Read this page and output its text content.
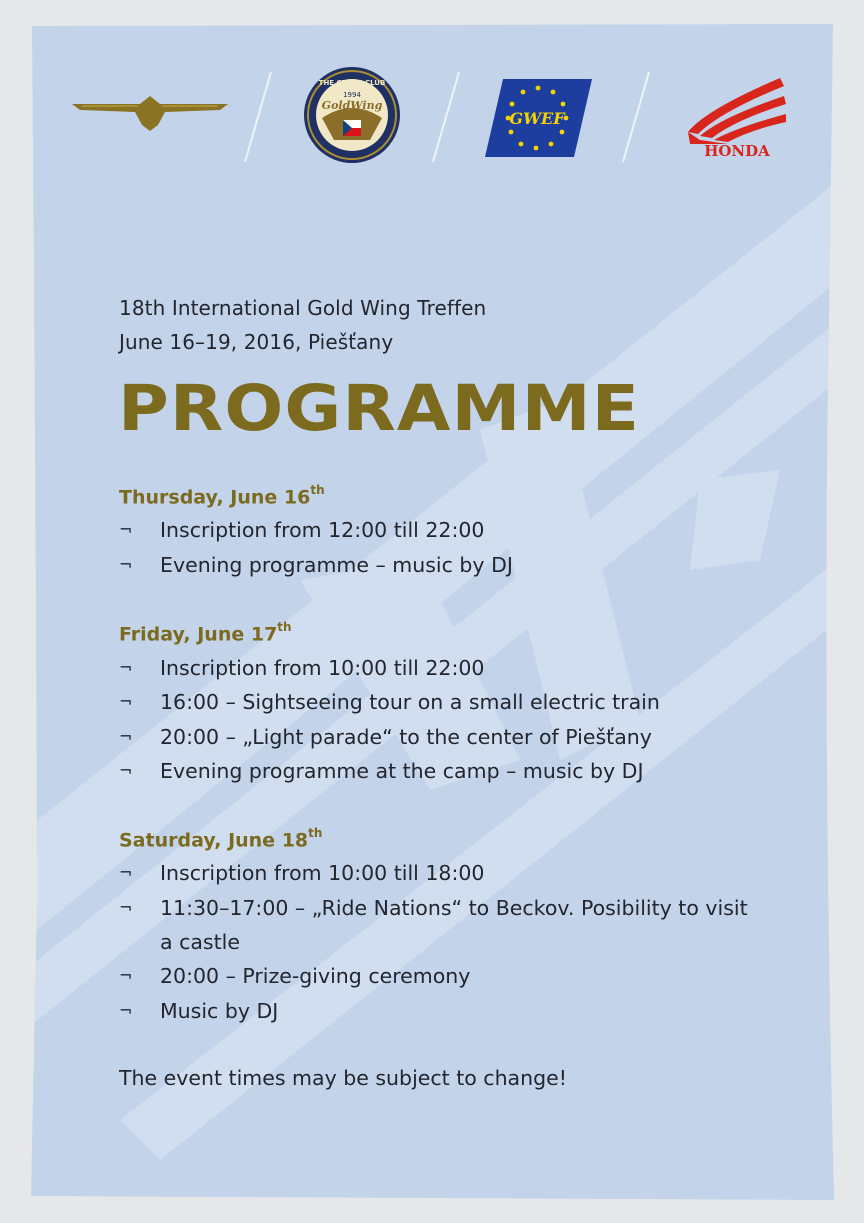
THE CZECH CLUB
1994
GoldWing
GWEF
HONDA
18th International Gold Wing Treffen
June 16–19, 2016, Piešťany
PROGRAMME
Thursday, June 16th
¬	Inscription from 12:00 till 22:00
¬	Evening programme – music by DJ
Friday, June 17th
¬	Inscription from 10:00 till 22:00
¬	16:00 – Sightseeing tour on a small electric train
¬	20:00 – „Light parade“ to the center of Piešťany
¬	Evening programme at the camp – music by DJ
Saturday, June 18th
¬	Inscription from 10:00 till 18:00
¬	11:30–17:00 – „Ride Nations“ to Beckov. Posibility to visit a castle
¬	20:00 – Prize-giving ceremony
¬	Music by DJ
The event times may be subject to change!
